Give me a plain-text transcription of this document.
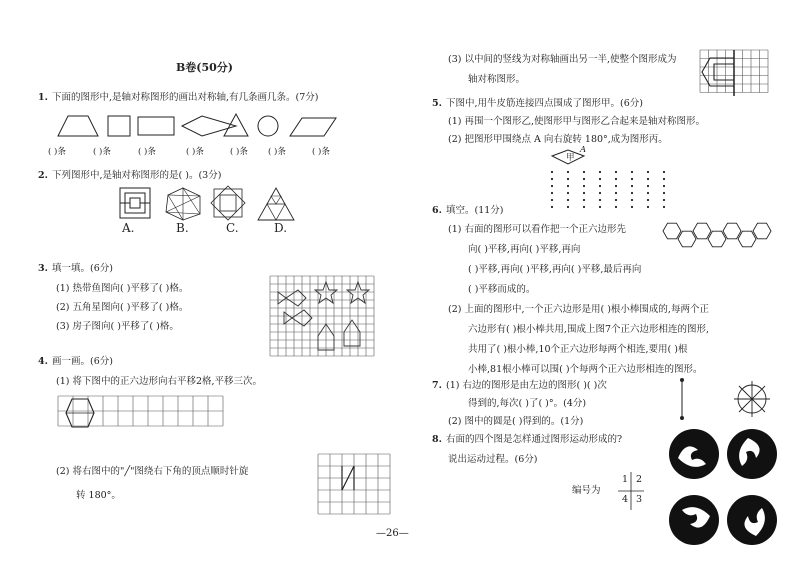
B卷(50分)
1. 下面的图形中,是轴对称图形的画出对称轴,有几条画几条。(7分)
( )条	( )条	( )条	( )条	( )条 ( )条	( )条
2. 下列图形中,是轴对称图形的是( )。(3分)
A.	B.	C.	D.
3. 填一填。(6分)
(1) 热带鱼图向( )平移了( )格。
(2) 五角星图向( )平移了( )格。
(3) 房子图向( )平移了( )格。
4. 画一画。(6分)
(1) 将下图中的正六边形向右平移2格,平移三次。
(2) 将右图中的"╱"图绕右下角的顶点顺时针旋
转 180°。
(3) 以中间的竖线为对称轴画出另一半,使整个图形成为
轴对称图形。
5. 下图中,用牛皮筋连接四点围成了图形甲。(6分)
(1) 再围一个图形乙,使图形甲与图形乙合起来是轴对称图形。
(2) 把图形甲围绕点 A 向右旋转 180°,成为图形丙。
甲
A
6. 填空。(11分)
(1) 右面的图形可以看作把一个正六边形先
向( )平移,再向( )平移,再向
( )平移,再向( )平移,再向( )平移,最后再向
( )平移而成的。
(2) 上面的图形中,一个正六边形是用( )根小棒围成的,每两个正
六边形有( )根小棒共用,围成上图7个正六边形相连的图形,
共用了( )根小棒,10个正六边形每两个相连,要用( )根
小棒,81根小棒可以围( )个每两个正六边形相连的图形。
7. (1) 右边的图形是由左边的图形( )( )次
得到的,每次( )了( )°。(4分)
(2) 图中的圆是( )得到的。(1分)
8. 右面的四个图是怎样通过图形运动形成的?
说出运动过程。(6分)
编号为
1 2
4 3
—26—
